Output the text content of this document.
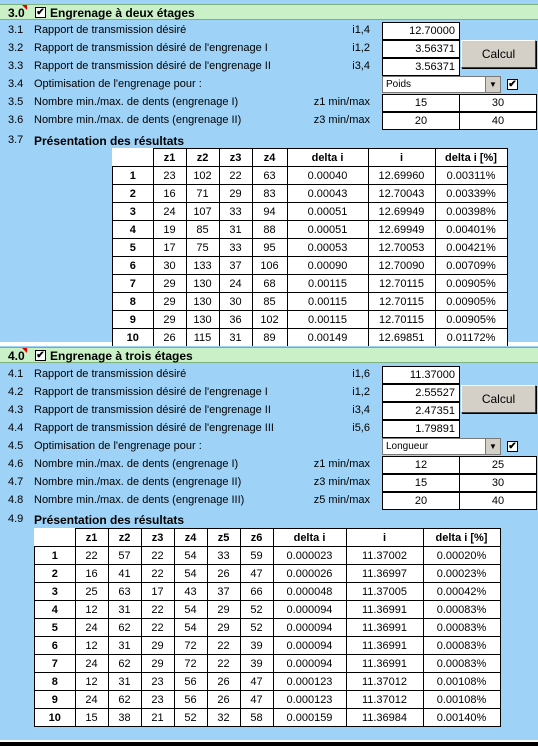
3.0 ✔ Engrenage à deux étages
3.1 Rapport de transmission désiré	i1,4	12.70000
3.2 Rapport de transmission désiré de l'engrenage I	i1,2	3.56371
3.3 Rapport de transmission désiré de l'engrenage II	i3,4	3.56371
3.4 Optimisation de l'engrenage pour :	Poids	▼	✔
3.5 Nombre min./max. de dents (engrenage I)	z1 min/max	15	30
3.6 Nombre min./max. de dents (engrenage II)	z3 min/max	20	40
Calcul
3.7 Présentation des résultats
	z1	z2	z3	z4	delta i	i	delta i [%]
1	23	102	22	63	0.00040	12.69960	0.00311%
2	16	71	29	83	0.00043	12.70043	0.00339%
3	24	107	33	94	0.00051	12.69949	0.00398%
4	19	85	31	88	0.00051	12.69949	0.00401%
5	17	75	33	95	0.00053	12.70053	0.00421%
6	30	133	37	106	0.00090	12.70090	0.00709%
7	29	130	24	68	0.00115	12.70115	0.00905%
8	29	130	30	85	0.00115	12.70115	0.00905%
9	29	130	36	102	0.00115	12.70115	0.00905%
10	26	115	31	89	0.00149	12.69851	0.01172%
4.0 ✔ Engrenage à trois étages
4.1 Rapport de transmission désiré	i1,6	11.37000
4.2 Rapport de transmission désiré de l'engrenage I	i1,2	2.55527
4.3 Rapport de transmission désiré de l'engrenage II	i3,4	2.47351
4.4 Rapport de transmission désiré de l'engrenage III	i5,6	1.79891
4.5 Optimisation de l'engrenage pour :	Longueur	▼	✔
4.6 Nombre min./max. de dents (engrenage I)	z1 min/max	12	25
4.7 Nombre min./max. de dents (engrenage II)	z3 min/max	15	30
4.8 Nombre min./max. de dents (engrenage III)	z5 min/max	20	40
Calcul
4.9 Présentation des résultats
	z1	z2	z3	z4	z5	z6	delta i	i	delta i [%]
1	22	57	22	54	33	59	0.000023	11.37002	0.00020%
2	16	41	22	54	26	47	0.000026	11.36997	0.00023%
3	25	63	17	43	37	66	0.000048	11.37005	0.00042%
4	12	31	22	54	29	52	0.000094	11.36991	0.00083%
5	24	62	22	54	29	52	0.000094	11.36991	0.00083%
6	12	31	29	72	22	39	0.000094	11.36991	0.00083%
7	24	62	29	72	22	39	0.000094	11.36991	0.00083%
8	12	31	23	56	26	47	0.000123	11.37012	0.00108%
9	24	62	23	56	26	47	0.000123	11.37012	0.00108%
10	15	38	21	52	32	58	0.000159	11.36984	0.00140%
